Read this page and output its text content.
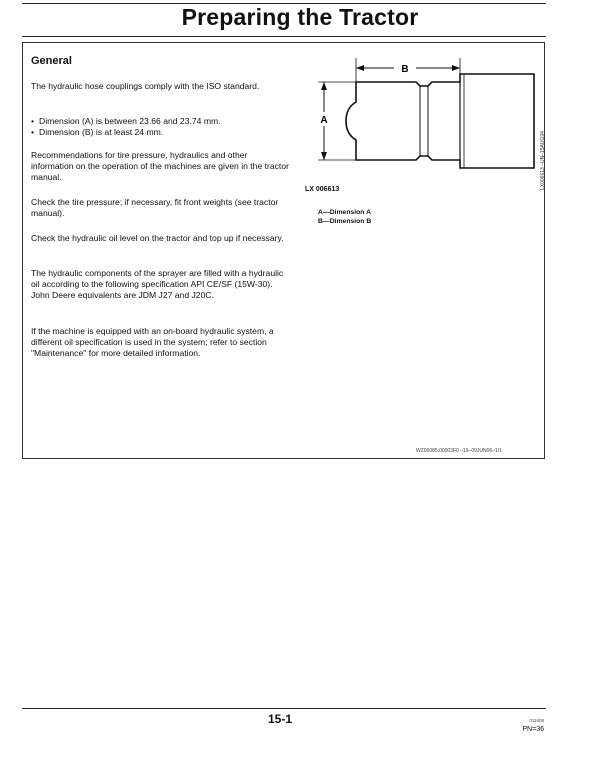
Preparing the Tractor
General

The hydraulic hose couplings comply with the ISO standard.

• Dimension (A) is between 23.66 and 23.74 mm.
• Dimension (B) is at least 24 mm.

Recommendations for tire pressure, hydraulics and other information on the operation of the machines are given in the tractor manual.

Check the tire pressure; if necessary, fit front weights (see tractor manual).

Check the hydraulic oil level on the tractor and top up if necessary.

The hydraulic components of the sprayer are filled with a hydraulic oil according to the following specification API CE/SF (15W-30). John Deere equivalents are JDM J27 and J20C.

If the machine is equipped with an on-board hydraulic system, a different oil specification is used in the system; refer to section "Maintenance" for more detailed information.

B
A
LX006613 –UN–15AUG94
LX 006613
A—Dimension A
B—Dimension B
WZ00085,00003F0 –19–09JUN06–1/1
15-1	011608
PN=36
